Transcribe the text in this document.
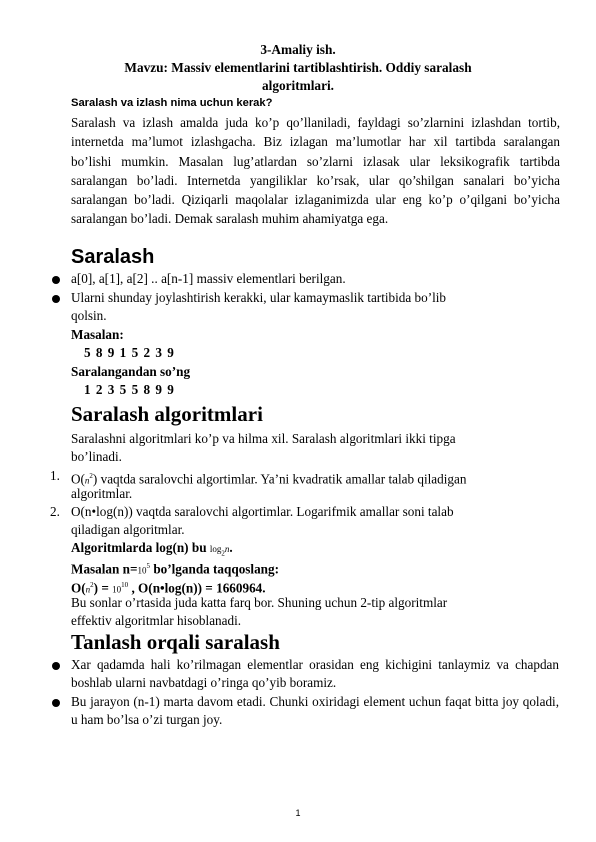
3-Amaliy ish.
Mavzu: Massiv elementlarini tartiblashtirish. Oddiy saralash
algoritmlari.
Saralash va izlash nima uchun kerak?
Saralash va izlash amalda juda ko’p qo’llaniladi, fayldagi so’zlarnini izlashdan tortib, internetda ma’lumot izlashgacha. Biz izlagan ma’lumotlar har xil tartibda saralangan bo’lishi mumkin. Masalan lug’atlardan so’zlarni izlasak ular leksikografik tartibda saralangan bo’ladi. Internetda yangiliklar ko’rsak, ular qo’shilgan sanalari bo’yicha saralangan bo’ladi. Qiziqarli maqolalar izlaganimizda ular eng ko’p o’qilgani bo’yicha saralangan bo’ladi. Demak saralash muhim ahamiyatga ega.
Saralash
a[0], a[1], a[2] .. a[n-1] massiv elementlari berilgan.
Ularni shunday joylashtirish kerakki, ular kamaymaslik tartibida bo’lib
qolsin.
Masalan:
5 8 9 1 5 2 3 9
Saralangandan so’ng
1 2 3 5 5 8 9 9
Saralash algoritmlari
Saralashni algoritmlari ko’p va hilma xil. Saralash algoritmlari ikki tipga
bo’linadi.
1. $O(n^2)$ vaqtda saralovchi algortimlar. Ya’ni kvadratik amallar talab qiladigan
algoritmlar.
2. O(n•log(n)) vaqtda saralovchi algortimlar. Logarifmik amallar soni talab
qiladigan algoritmlar.
Algoritmlarda log(n) bu $\log_2n$.
Masalan $n=10^5$ bo’lganda taqqoslang:
$O(n^2) = 10^{10}$ , O(n•log(n)) = 1660964.
Bu sonlar o’rtasida juda katta farq bor. Shuning uchun 2-tip algoritmlar
effektiv algoritmlar hisoblanadi.
Tanlash orqali saralash
Xar qadamda hali ko’rilmagan elementlar orasidan eng kichigini tanlaymiz va chapdan boshlab ularni navbatdagi o’ringa qo’yib boramiz.
Bu jarayon (n-1) marta davom etadi. Chunki oxiridagi element uchun faqat bitta joy qoladi, u ham bo’lsa o’zi turgan joy.
1
